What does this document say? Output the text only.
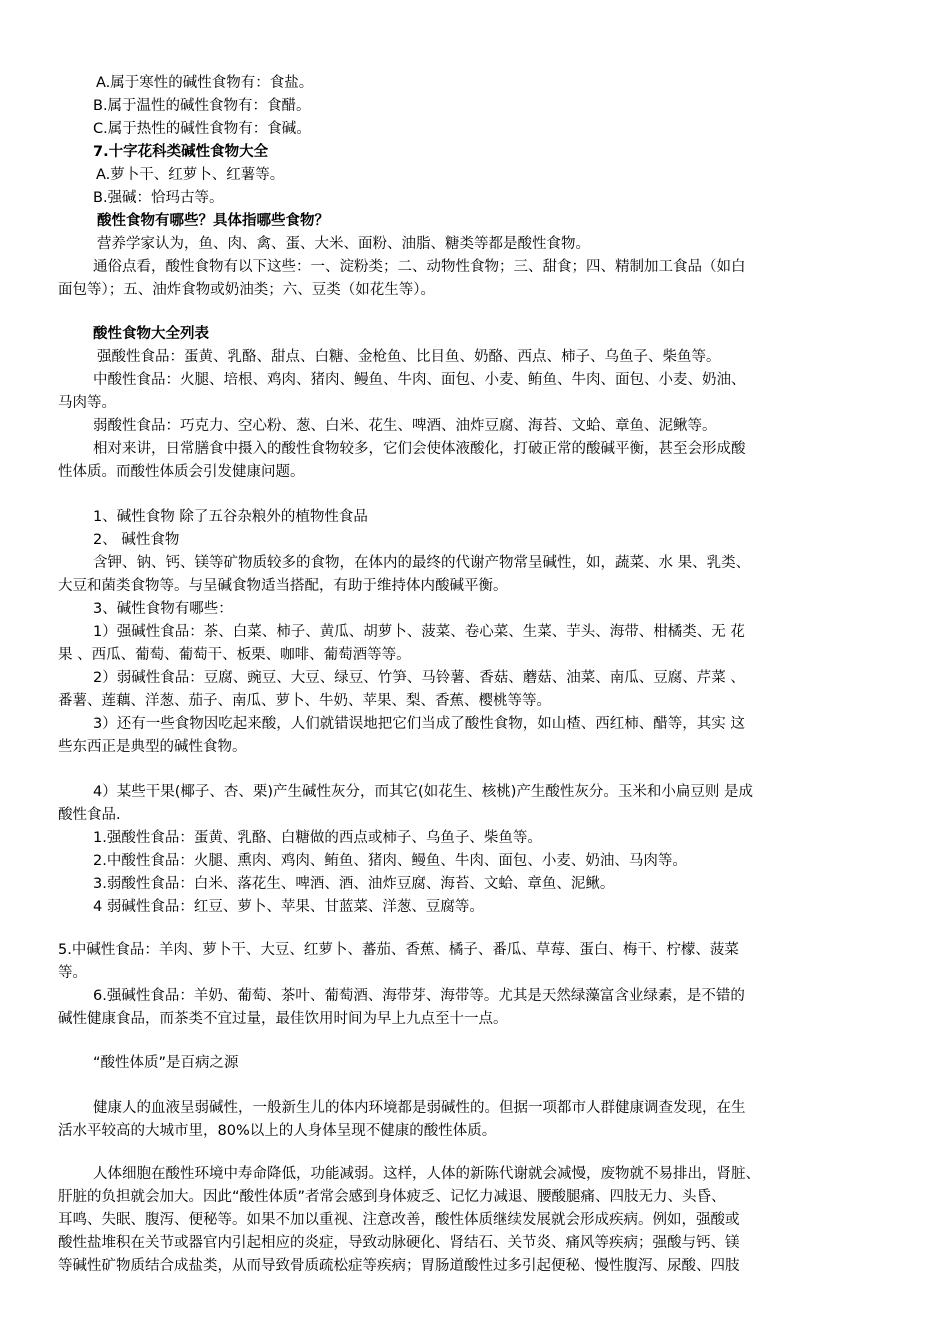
A.属于寒性的碱性食物有：食盐。
B.属于温性的碱性食物有：食醋。
C.属于热性的碱性食物有：食碱。
7.十字花科类碱性食物大全
A.萝卜干、红萝卜、红薯等。
B.强碱：恰玛古等。
酸性食物有哪些？具体指哪些食物？
营养学家认为，鱼、肉、禽、蛋、大米、面粉、油脂、糖类等都是酸性食物。
通俗点看，酸性食物有以下这些：一、淀粉类；二、动物性食物；三、甜食；四、精制加工食品（如白
面包等）；五、油炸食物或奶油类；六、豆类（如花生等）。
酸性食物大全列表
强酸性食品：蛋黄、乳酪、甜点、白糖、金枪鱼、比目鱼、奶酪、西点、柿子、乌鱼子、柴鱼等。
中酸性食品：火腿、培根、鸡肉、猪肉、鳗鱼、牛肉、面包、小麦、鲔鱼、牛肉、面包、小麦、奶油、
马肉等。
弱酸性食品：巧克力、空心粉、葱、白米、花生、啤酒、油炸豆腐、海苔、文蛤、章鱼、泥鳅等。
相对来讲，日常膳食中摄入的酸性食物较多，它们会使体液酸化，打破正常的酸碱平衡，甚至会形成酸
性体质。而酸性体质会引发健康问题。
1、碱性食物 除了五谷杂粮外的植物性食品
2、 碱性食物
含钾、钠、钙、镁等矿物质较多的食物，在体内的最终的代谢产物常呈碱性，如，蔬菜、水 果、乳类、
大豆和菌类食物等。与呈碱食物适当搭配，有助于维持体内酸碱平衡。
3、碱性食物有哪些：
1）强碱性食品：茶、白菜、柿子、黄瓜、胡萝卜、菠菜、卷心菜、生菜、芋头、海带、柑橘类、无 花
果 、西瓜、葡萄、葡萄干、板栗、咖啡、葡萄酒等等。
2）弱碱性食品：豆腐、豌豆、大豆、绿豆、竹笋、马铃薯、香菇、蘑菇、油菜、南瓜、豆腐、芹菜 、
番薯、莲藕、洋葱、茄子、南瓜、萝卜、牛奶、苹果、梨、香蕉、樱桃等等。
3）还有一些食物因吃起来酸，人们就错误地把它们当成了酸性食物，如山楂、西红柿、醋等，其实 这
些东西正是典型的碱性食物。
4）某些干果(椰子、杏、栗)产生碱性灰分，而其它(如花生、核桃)产生酸性灰分。玉米和小扁豆则 是成
酸性食品.
1.强酸性食品：蛋黄、乳酪、白糖做的西点或柿子、乌鱼子、柴鱼等。
2.中酸性食品：火腿、熏肉、鸡肉、鲔鱼、猪肉、鳗鱼、牛肉、面包、小麦、奶油、马肉等。
3.弱酸性食品：白米、落花生、啤酒、酒、油炸豆腐、海苔、文蛤、章鱼、泥鳅。
4 弱碱性食品：红豆、萝卜、苹果、甘蓝菜、洋葱、豆腐等。
5.中碱性食品：羊肉、萝卜干、大豆、红萝卜、蕃茄、香蕉、橘子、番瓜、草莓、蛋白、梅干、柠檬、菠菜
等。
6.强碱性食品：羊奶、葡萄、茶叶、葡萄酒、海带芽、海带等。尤其是天然绿藻富含业绿素，是不错的
碱性健康食品，而茶类不宜过量，最佳饮用时间为早上九点至十一点。
“酸性体质”是百病之源
健康人的血液呈弱碱性，一般新生儿的体内环境都是弱碱性的。但据一项都市人群健康调查发现，在生
活水平较高的大城市里，80%以上的人身体呈现不健康的酸性体质。
人体细胞在酸性环境中寿命降低，功能减弱。这样，人体的新陈代谢就会减慢，废物就不易排出，肾脏、
肝脏的负担就会加大。因此“酸性体质”者常会感到身体疲乏、记忆力减退、腰酸腿痛、四肢无力、头昏、
耳鸣、失眠、腹泻、便秘等。如果不加以重视、注意改善，酸性体质继续发展就会形成疾病。例如，强酸或
酸性盐堆积在关节或器官内引起相应的炎症，导致动脉硬化、肾结石、关节炎、痛风等疾病；强酸与钙、镁
等碱性矿物质结合成盐类，从而导致骨质疏松症等疾病；胃肠道酸性过多引起便秘、慢性腹泻、尿酸、四肢
